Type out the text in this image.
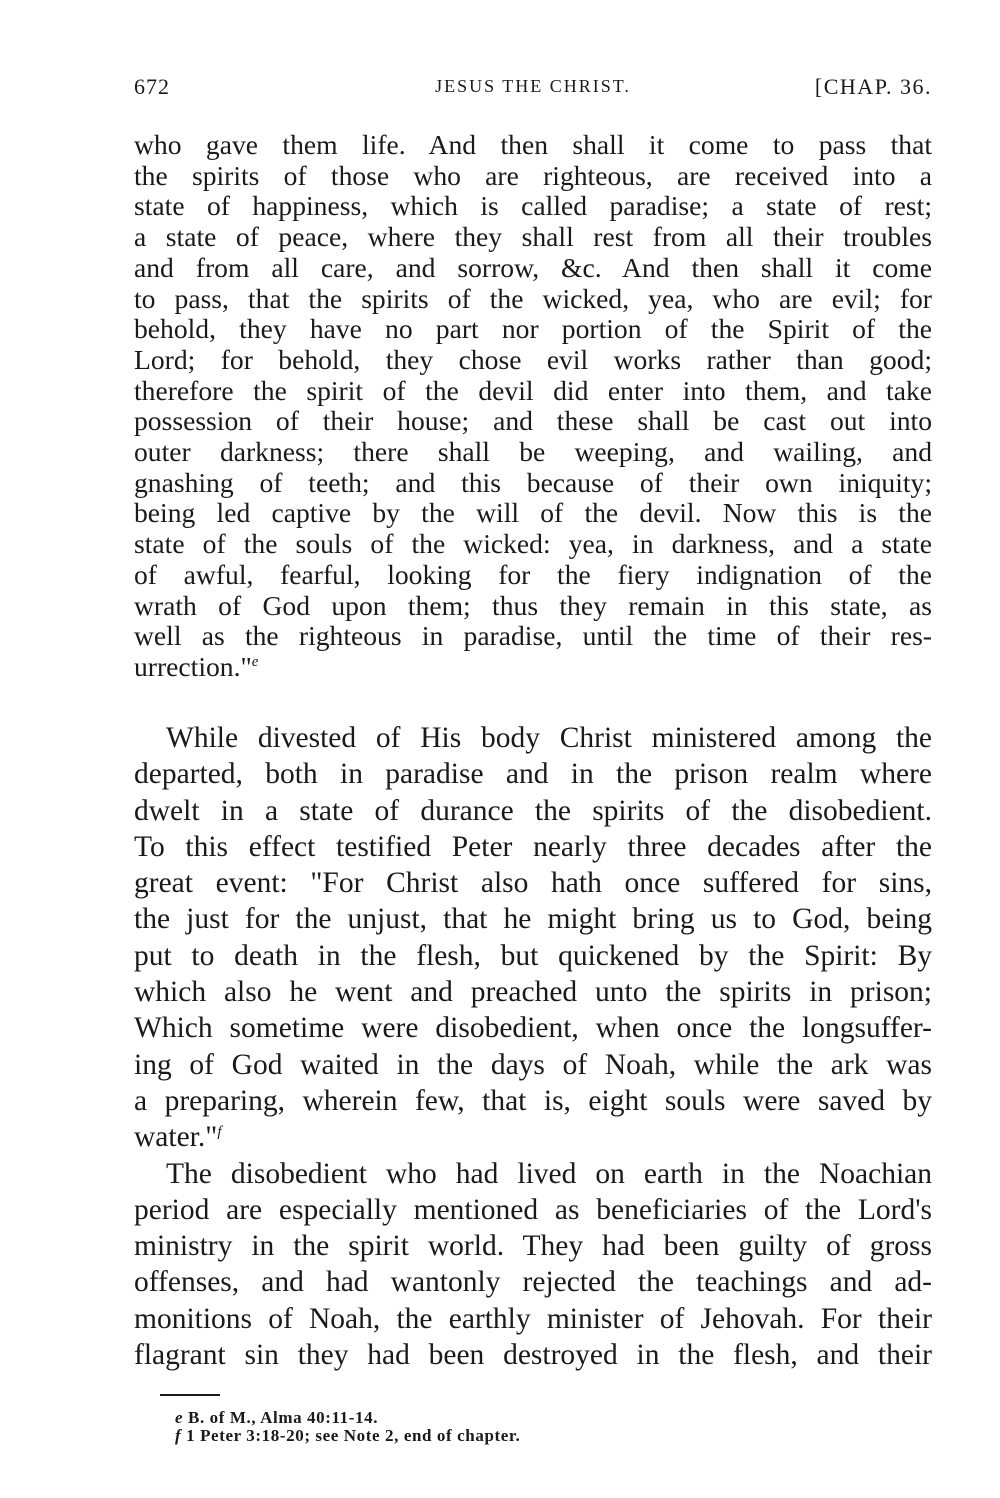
672	JESUS THE CHRIST.	[CHAP. 36.
who gave them life. And then shall it come to pass that
the spirits of those who are righteous, are received into a
state of happiness, which is called paradise; a state of rest;
a state of peace, where they shall rest from all their troubles
and from all care, and sorrow, &c. And then shall it come
to pass, that the spirits of the wicked, yea, who are evil; for
behold, they have no part nor portion of the Spirit of the
Lord; for behold, they chose evil works rather than good;
therefore the spirit of the devil did enter into them, and take
possession of their house; and these shall be cast out into
outer darkness; there shall be weeping, and wailing, and
gnashing of teeth; and this because of their own iniquity;
being led captive by the will of the devil. Now this is the
state of the souls of the wicked: yea, in darkness, and a state
of awful, fearful, looking for the fiery indignation of the
wrath of God upon them; thus they remain in this state, as
well as the righteous in paradise, until the time of their res-
urrection."$^e$
While divested of His body Christ ministered among the
departed, both in paradise and in the prison realm where
dwelt in a state of durance the spirits of the disobedient.
To this effect testified Peter nearly three decades after the
great event: "For Christ also hath once suffered for sins,
the just for the unjust, that he might bring us to God, being
put to death in the flesh, but quickened by the Spirit: By
which also he went and preached unto the spirits in prison;
Which sometime were disobedient, when once the longsuffer-
ing of God waited in the days of Noah, while the ark was
a preparing, wherein few, that is, eight souls were saved by
water."$^f$
The disobedient who had lived on earth in the Noachian
period are especially mentioned as beneficiaries of the Lord's
ministry in the spirit world. They had been guilty of gross
offenses, and had wantonly rejected the teachings and ad-
monitions of Noah, the earthly minister of Jehovah. For their
flagrant sin they had been destroyed in the flesh, and their
e B. of M., Alma 40:11-14.
f 1 Peter 3:18-20; see Note 2, end of chapter.
